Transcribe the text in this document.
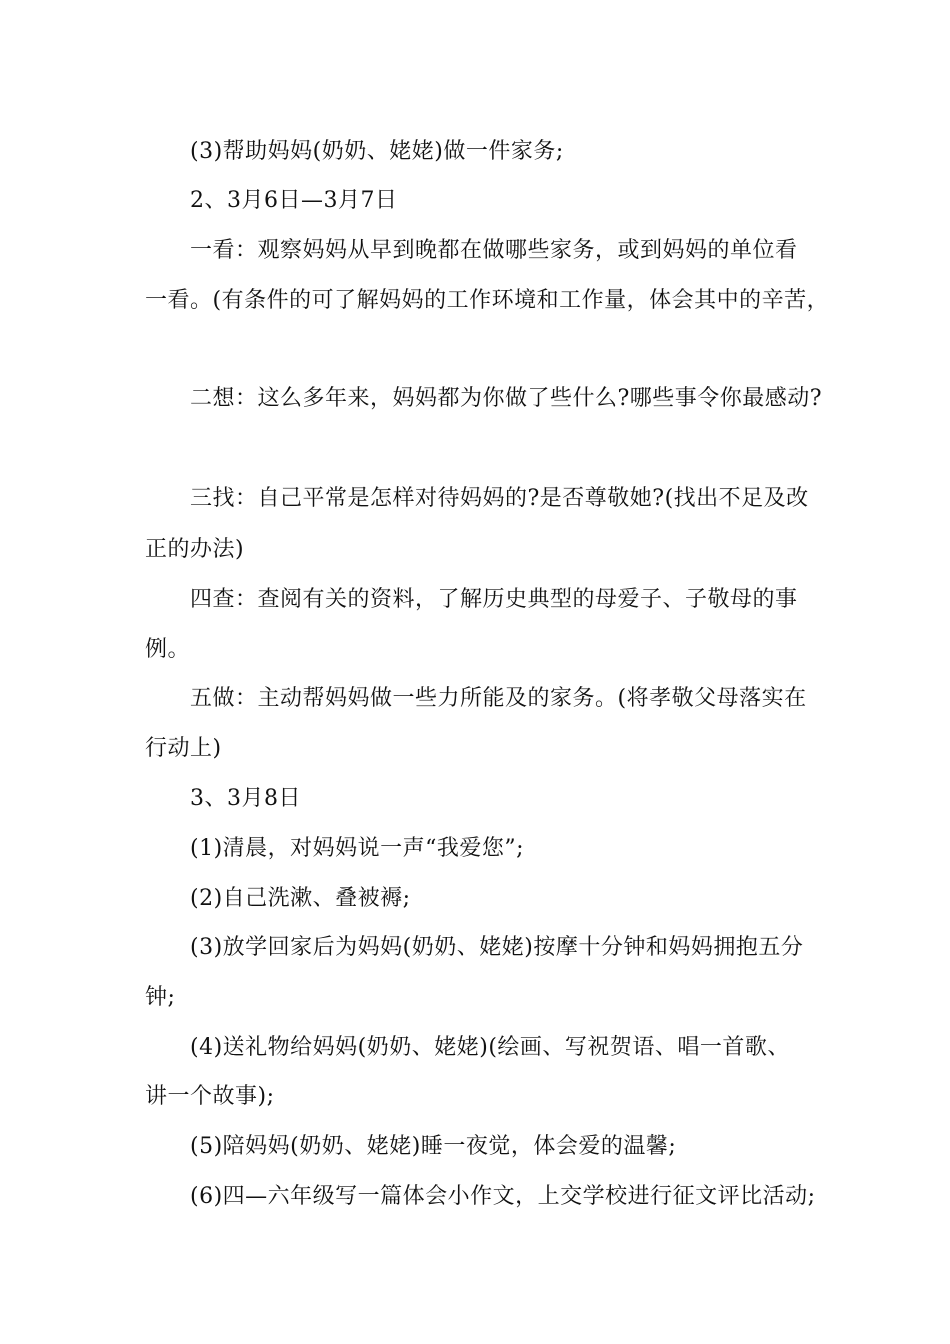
(3)帮助妈妈(奶奶、姥姥)做一件家务;
2、3月6日—3月7日
一看：观察妈妈从早到晚都在做哪些家务，或到妈妈的单位看
一看。(有条件的可了解妈妈的工作环境和工作量，体会其中的辛苦，
二想：这么多年来，妈妈都为你做了些什么?哪些事令你最感动?
三找：自己平常是怎样对待妈妈的?是否尊敬她?(找出不足及改
正的办法)
四查：查阅有关的资料，了解历史典型的母爱子、子敬母的事
例。
五做：主动帮妈妈做一些力所能及的家务。(将孝敬父母落实在
行动上)
3、3月8日
(1)清晨，对妈妈说一声“我爱您”;
(2)自己洗漱、叠被褥;
(3)放学回家后为妈妈(奶奶、姥姥)按摩十分钟和妈妈拥抱五分
钟;
(4)送礼物给妈妈(奶奶、姥姥)(绘画、写祝贺语、唱一首歌、
讲一个故事);
(5)陪妈妈(奶奶、姥姥)睡一夜觉，体会爱的温馨;
(6)四—六年级写一篇体会小作文，上交学校进行征文评比活动;
